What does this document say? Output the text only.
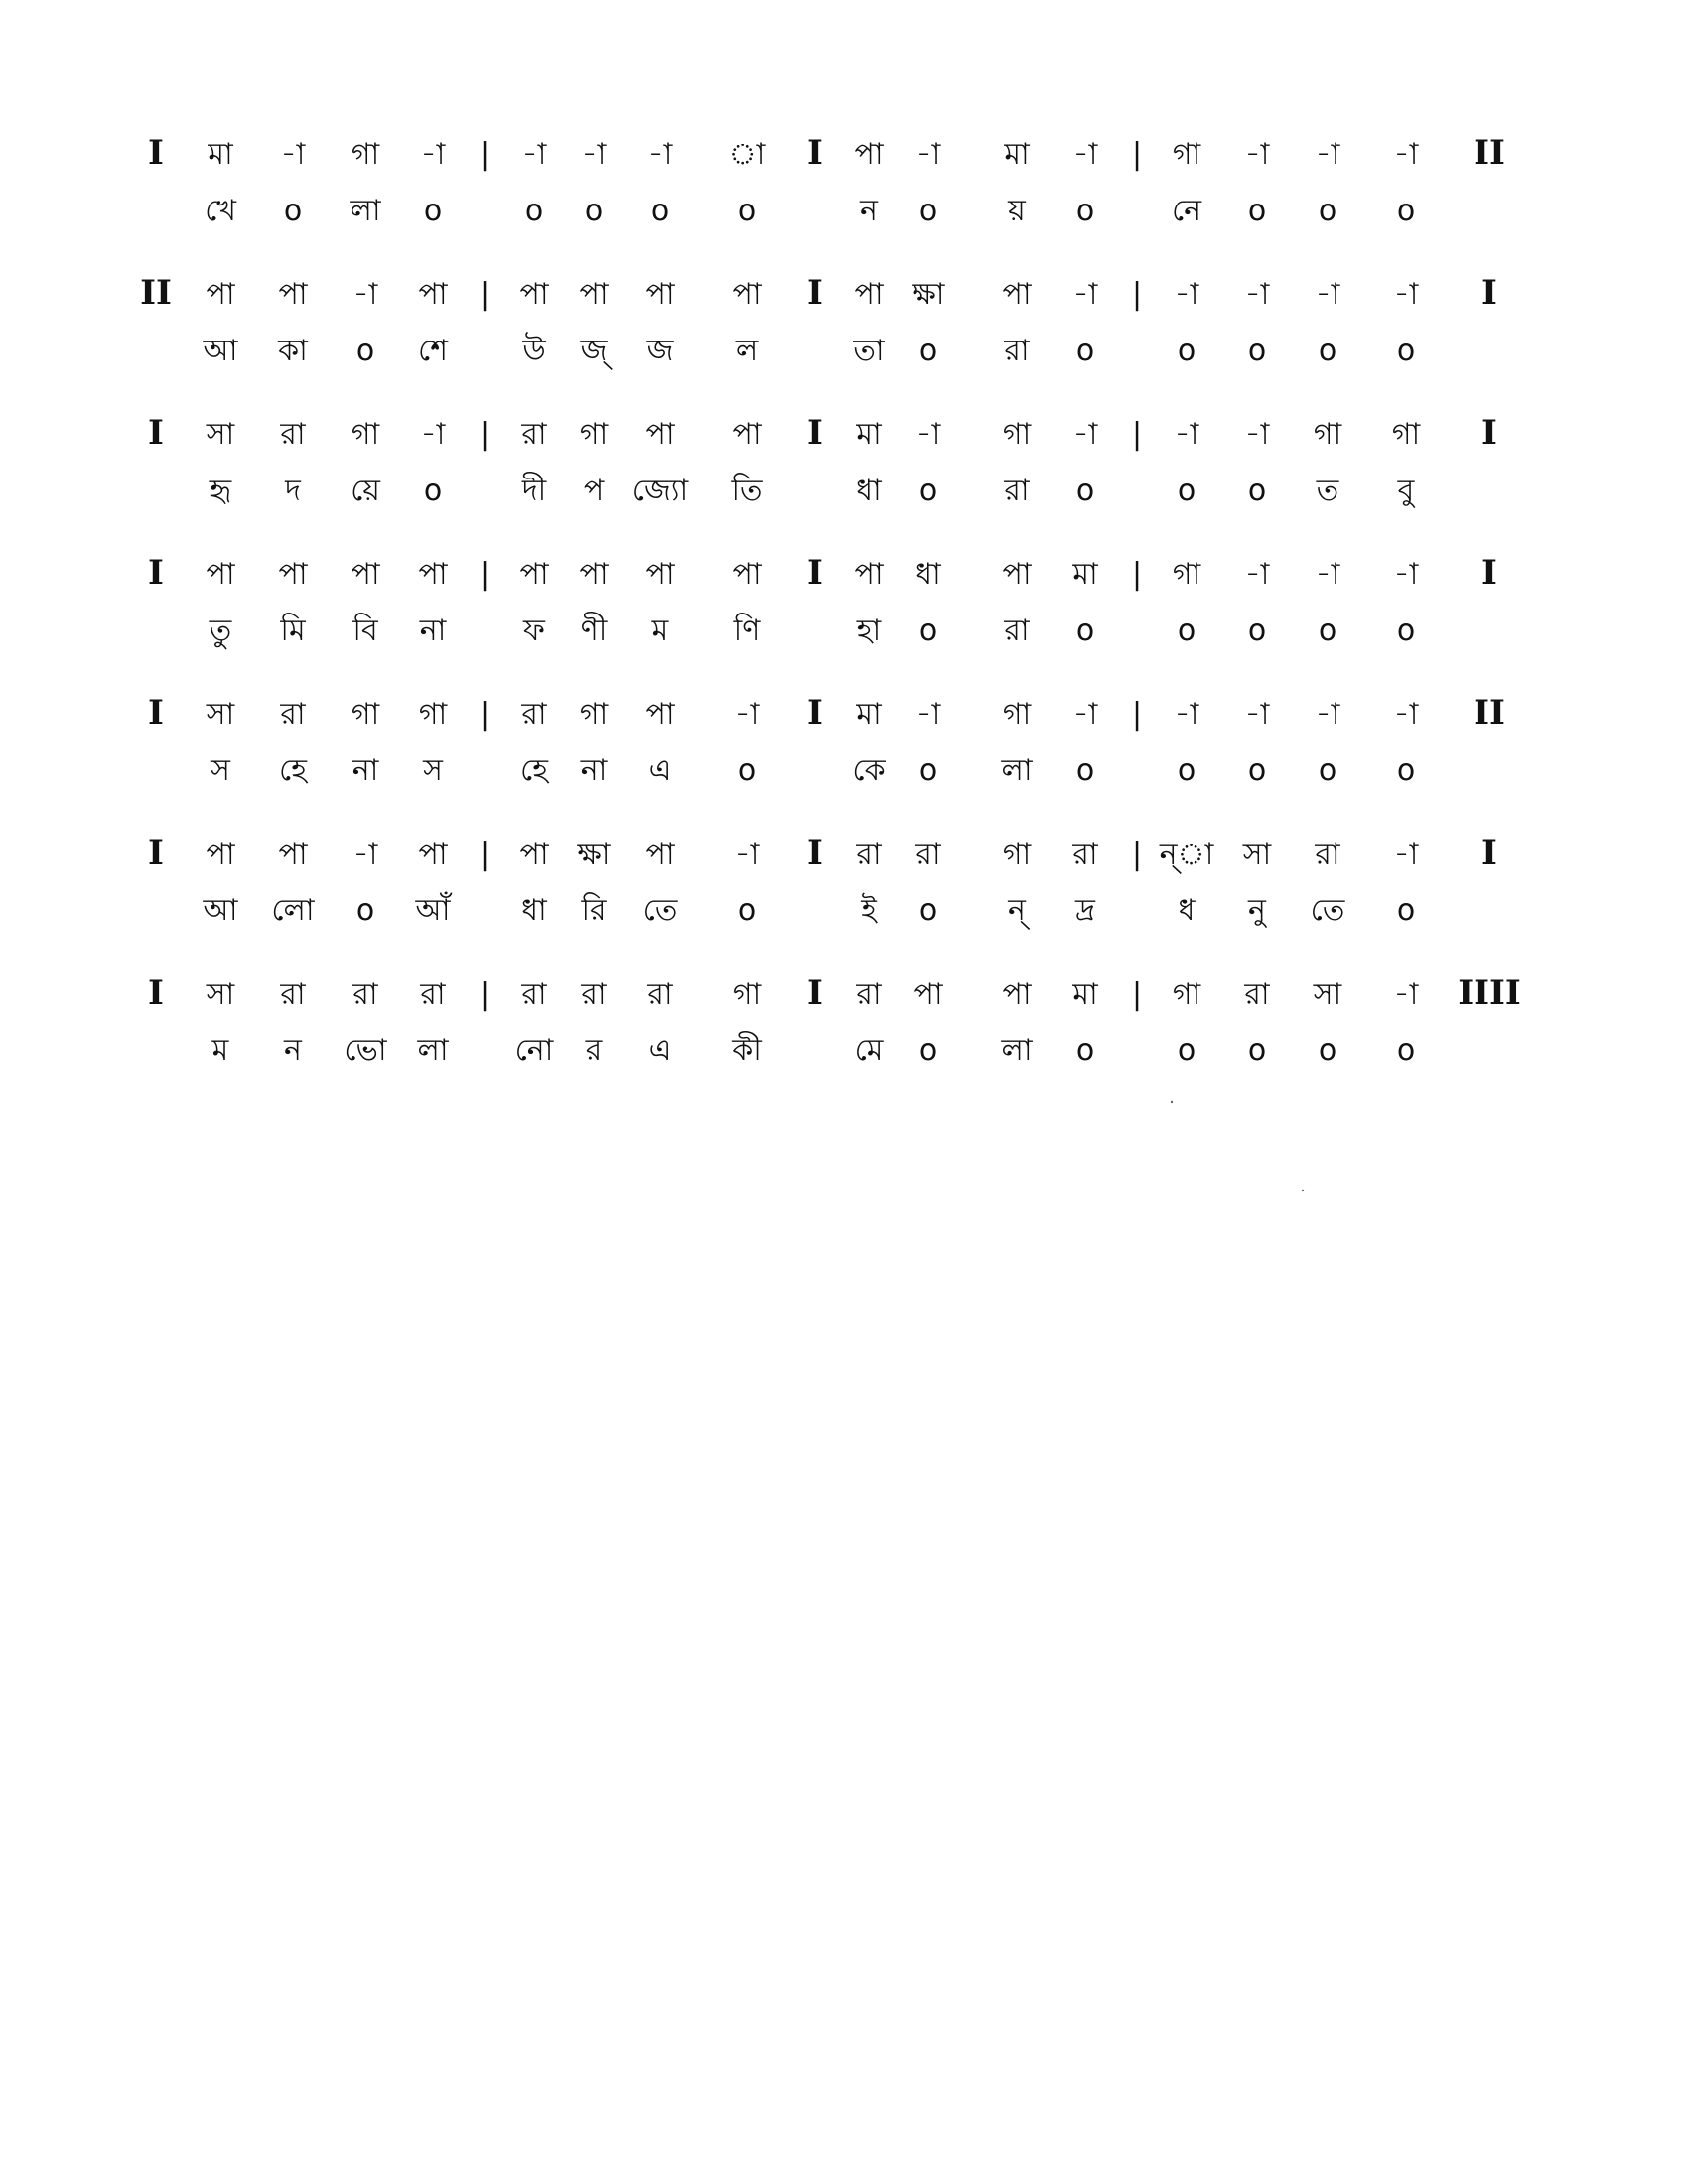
I মা -া গা -া | -া -া -া া I পা -া মা -া | গা -া -া -া II
খে o লা o	o o o o	ন o য় o	নে o o o
II পা পা -া পা | পা পা পা পা I পা ক্ষা পা -া | -া -া -া -া I
আ কা o শে	উ জ্ জ ল	তা o রা o	o o o o
I সা রা গা -া | রা গা পা পা I মা -া গা -া | -া -া গা গা I
হৃ দ য়ে o	দী প জ্যো তি	ধা o রা o	o o ত বু
I পা পা পা পা | পা পা পা পা I পা ধা পা মা | গা -া -া -া I
তু মি বি না	ফ ণী ম ণি	হা o রা o	o o o o
I সা রা গা গা | রা গা পা -া I মা -া গা -া | -া -া -া -া II
স হে না স	হে না এ o	কে o লা o	o o o o
I পা পা -া পা | পা ক্ষা পা -া I রা রা গা রা | ন্‌া সা রা -া I
আ লো o আঁ ধা রি তে o	ই o ন্ দ্র	ধ নু তে o
I সা রা রা রা | রা রা রা গা I রা পা পা মা | গা রা সা -া IIII
ম ন ভো লা নো র এ কী	মে o লা o	o o o o
